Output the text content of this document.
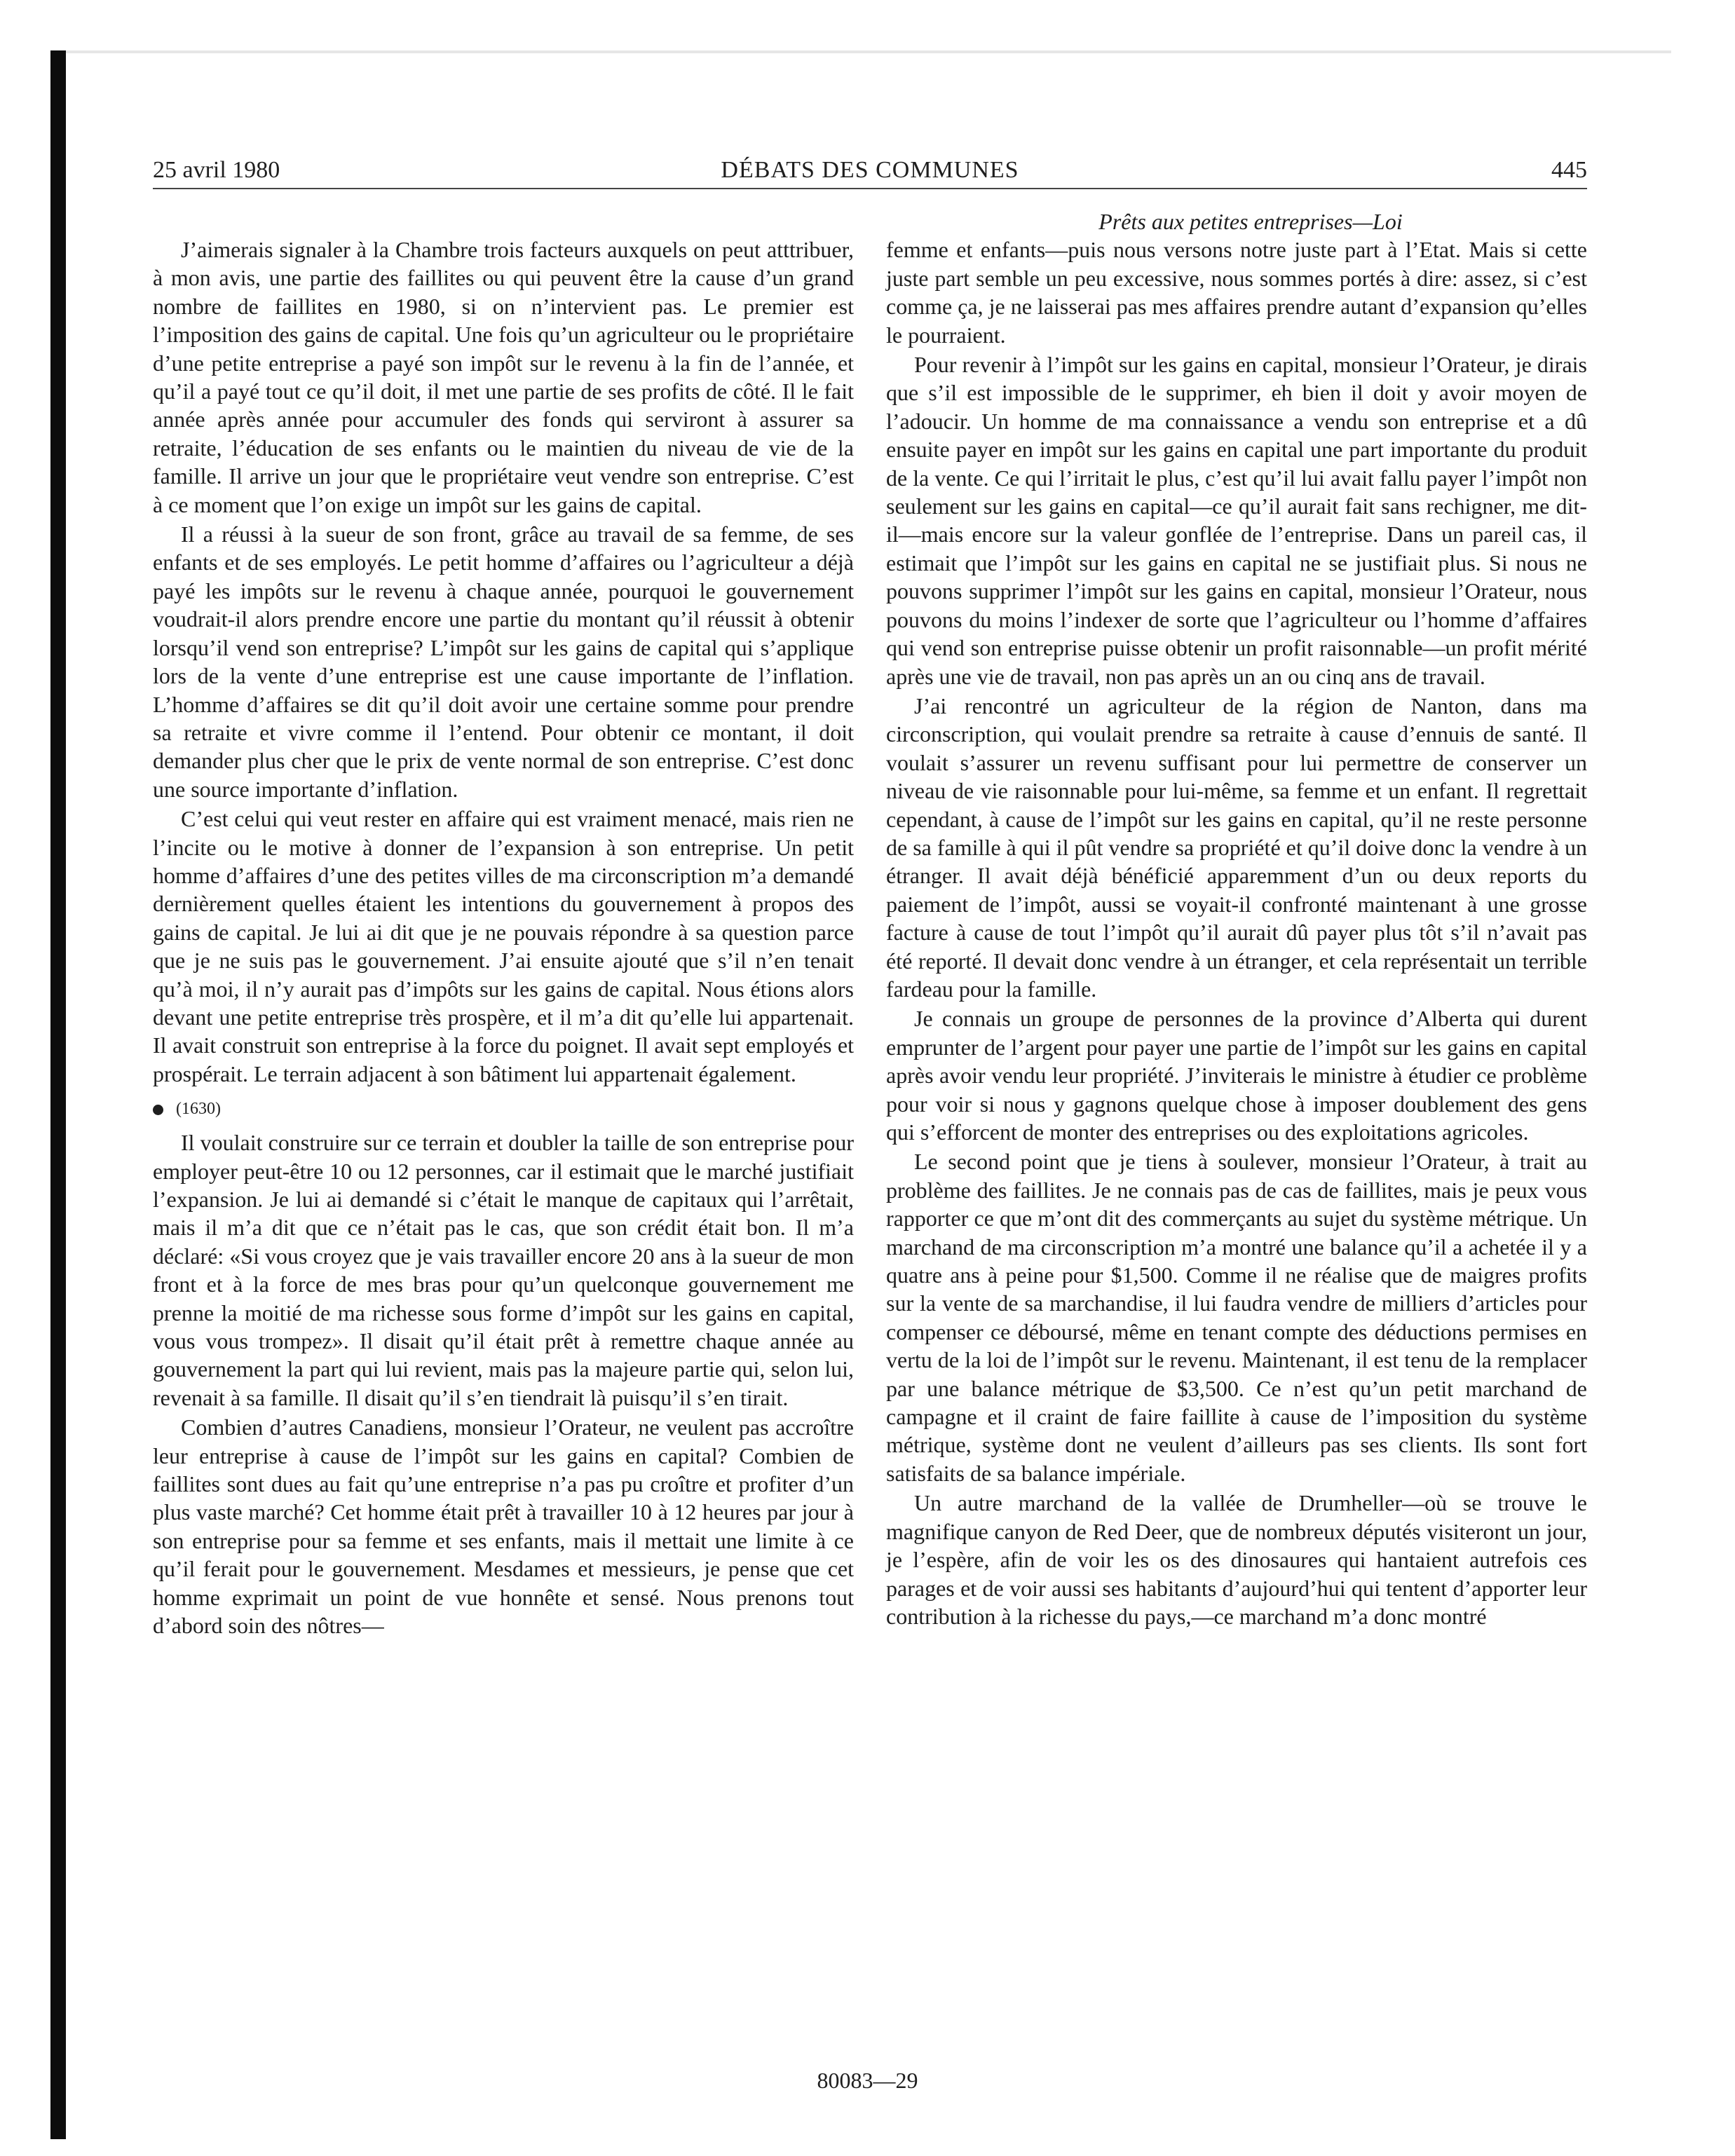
DÉBATS DES COMMUNES
25 avril 1980	445

J’aimerais signaler à la Chambre trois facteurs auxquels on peut atttribuer, à mon avis, une partie des faillites ou qui peuvent être la cause d’un grand nombre de faillites en 1980, si on n’intervient pas. Le premier est l’imposition des gains de capital. Une fois qu’un agriculteur ou le propriétaire d’une petite entreprise a payé son impôt sur le revenu à la fin de l’année, et qu’il a payé tout ce qu’il doit, il met une partie de ses profits de côté. Il le fait année après année pour accumuler des fonds qui serviront à assurer sa retraite, l’éducation de ses enfants ou le maintien du niveau de vie de la famille. Il arrive un jour que le propriétaire veut vendre son entreprise. C’est à ce moment que l’on exige un impôt sur les gains de capital.

Il a réussi à la sueur de son front, grâce au travail de sa femme, de ses enfants et de ses employés. Le petit homme d’affaires ou l’agriculteur a déjà payé les impôts sur le revenu à chaque année, pourquoi le gouvernement voudrait-il alors prendre encore une partie du montant qu’il réussit à obtenir lorsqu’il vend son entreprise? L’impôt sur les gains de capital qui s’applique lors de la vente d’une entreprise est une cause importante de l’inflation. L’homme d’affaires se dit qu’il doit avoir une certaine somme pour prendre sa retraite et vivre comme il l’entend. Pour obtenir ce montant, il doit demander plus cher que le prix de vente normal de son entreprise. C’est donc une source importante d’inflation.

C’est celui qui veut rester en affaire qui est vraiment menacé, mais rien ne l’incite ou le motive à donner de l’expansion à son entreprise. Un petit homme d’affaires d’une des petites villes de ma circonscription m’a demandé dernièrement quelles étaient les intentions du gouvernement à propos des gains de capital. Je lui ai dit que je ne pouvais répondre à sa question parce que je ne suis pas le gouvernement. J’ai ensuite ajouté que s’il n’en tenait qu’à moi, il n’y aurait pas d’impôts sur les gains de capital. Nous étions alors devant une petite entreprise très prospère, et il m’a dit qu’elle lui appartenait. Il avait construit son entreprise à la force du poignet. Il avait sept employés et prospérait. Le terrain adjacent à son bâtiment lui appartenait également.

(1630)

Il voulait construire sur ce terrain et doubler la taille de son entreprise pour employer peut-être 10 ou 12 personnes, car il estimait que le marché justifiait l’expansion. Je lui ai demandé si c’était le manque de capitaux qui l’arrêtait, mais il m’a dit que ce n’était pas le cas, que son crédit était bon. Il m’a déclaré: «Si vous croyez que je vais travailler encore 20 ans à la sueur de mon front et à la force de mes bras pour qu’un quelconque gouvernement me prenne la moitié de ma richesse sous forme d’impôt sur les gains en capital, vous vous trompez». Il disait qu’il était prêt à remettre chaque année au gouvernement la part qui lui revient, mais pas la majeure partie qui, selon lui, revenait à sa famille. Il disait qu’il s’en tiendrait là puisqu’il s’en tirait.

Combien d’autres Canadiens, monsieur l’Orateur, ne veulent pas accroître leur entreprise à cause de l’impôt sur les gains en capital? Combien de faillites sont dues au fait qu’une entreprise n’a pas pu croître et profiter d’un plus vaste marché? Cet homme était prêt à travailler 10 à 12 heures par jour à son entreprise pour sa femme et ses enfants, mais il mettait une limite à ce qu’il ferait pour le gouvernement. Mesdames et messieurs, je pense que cet homme exprimait un point de vue honnête et sensé. Nous prenons tout d’abord soin des nôtres—

Prêts aux petites entreprises—Loi

femme et enfants—puis nous versons notre juste part à l’Etat. Mais si cette juste part semble un peu excessive, nous sommes portés à dire: assez, si c’est comme ça, je ne laisserai pas mes affaires prendre autant d’expansion qu’elles le pourraient.

Pour revenir à l’impôt sur les gains en capital, monsieur l’Orateur, je dirais que s’il est impossible de le supprimer, eh bien il doit y avoir moyen de l’adoucir. Un homme de ma connaissance a vendu son entreprise et a dû ensuite payer en impôt sur les gains en capital une part importante du produit de la vente. Ce qui l’irritait le plus, c’est qu’il lui avait fallu payer l’impôt non seulement sur les gains en capital—ce qu’il aurait fait sans rechigner, me dit-il—mais encore sur la valeur gonflée de l’entreprise. Dans un pareil cas, il estimait que l’impôt sur les gains en capital ne se justifiait plus. Si nous ne pouvons supprimer l’impôt sur les gains en capital, monsieur l’Orateur, nous pouvons du moins l’indexer de sorte que l’agriculteur ou l’homme d’affaires qui vend son entreprise puisse obtenir un profit raisonnable—un profit mérité après une vie de travail, non pas après un an ou cinq ans de travail.

J’ai rencontré un agriculteur de la région de Nanton, dans ma circonscription, qui voulait prendre sa retraite à cause d’ennuis de santé. Il voulait s’assurer un revenu suffisant pour lui permettre de conserver un niveau de vie raisonnable pour lui-même, sa femme et un enfant. Il regrettait cependant, à cause de l’impôt sur les gains en capital, qu’il ne reste personne de sa famille à qui il pût vendre sa propriété et qu’il doive donc la vendre à un étranger. Il avait déjà bénéficié apparemment d’un ou deux reports du paiement de l’impôt, aussi se voyait-il confronté maintenant à une grosse facture à cause de tout l’impôt qu’il aurait dû payer plus tôt s’il n’avait pas été reporté. Il devait donc vendre à un étranger, et cela représentait un terrible fardeau pour la famille.

Je connais un groupe de personnes de la province d’Alberta qui durent emprunter de l’argent pour payer une partie de l’impôt sur les gains en capital après avoir vendu leur propriété. J’inviterais le ministre à étudier ce problème pour voir si nous y gagnons quelque chose à imposer doublement des gens qui s’efforcent de monter des entreprises ou des exploitations agricoles.

Le second point que je tiens à soulever, monsieur l’Orateur, à trait au problème des faillites. Je ne connais pas de cas de faillites, mais je peux vous rapporter ce que m’ont dit des commerçants au sujet du système métrique. Un marchand de ma circonscription m’a montré une balance qu’il a achetée il y a quatre ans à peine pour $1,500. Comme il ne réalise que de maigres profits sur la vente de sa marchandise, il lui faudra vendre de milliers d’articles pour compenser ce déboursé, même en tenant compte des déductions permises en vertu de la loi de l’impôt sur le revenu. Maintenant, il est tenu de la remplacer par une balance métrique de $3,500. Ce n’est qu’un petit marchand de campagne et il craint de faire faillite à cause de l’imposition du système métrique, système dont ne veulent d’ailleurs pas ses clients. Ils sont fort satisfaits de sa balance impériale.

Un autre marchand de la vallée de Drumheller—où se trouve le magnifique canyon de Red Deer, que de nombreux députés visiteront un jour, je l’espère, afin de voir les os des dinosaures qui hantaient autrefois ces parages et de voir aussi ses habitants d’aujourd’hui qui tentent d’apporter leur contribution à la richesse du pays,—ce marchand m’a donc montré

80083—29
